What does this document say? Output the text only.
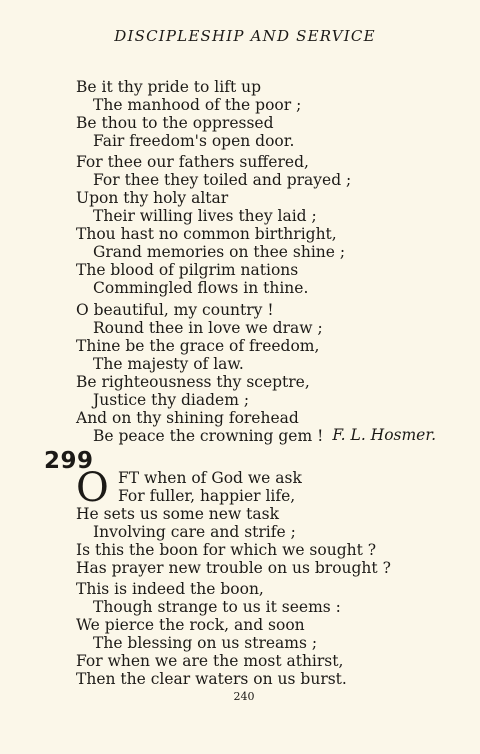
DISCIPLESHIP AND SERVICE
Be it thy pride to lift up
The manhood of the poor ;
Be thou to the oppressed
Fair freedom's open door.
For thee our fathers suffered,
For thee they toiled and prayed ;
Upon thy holy altar
Their willing lives they laid ;
Thou hast no common birthright,
Grand memories on thee shine ;
The blood of pilgrim nations
Commingled flows in thine.
O beautiful, my country !
Round thee in love we draw ;
Thine be the grace of freedom,
The majesty of law.
Be righteousness thy sceptre,
Justice thy diadem ;
And on thy shining forehead
Be peace the crowning gem ! F. L. Hosmer.
299
O FT when of God we ask
For fuller, happier life,
He sets us some new task
Involving care and strife ;
Is this the boon for which we sought ?
Has prayer new trouble on us brought ?
This is indeed the boon,
Though strange to us it seems :
We pierce the rock, and soon
The blessing on us streams ;
For when we are the most athirst,
Then the clear waters on us burst.
240
